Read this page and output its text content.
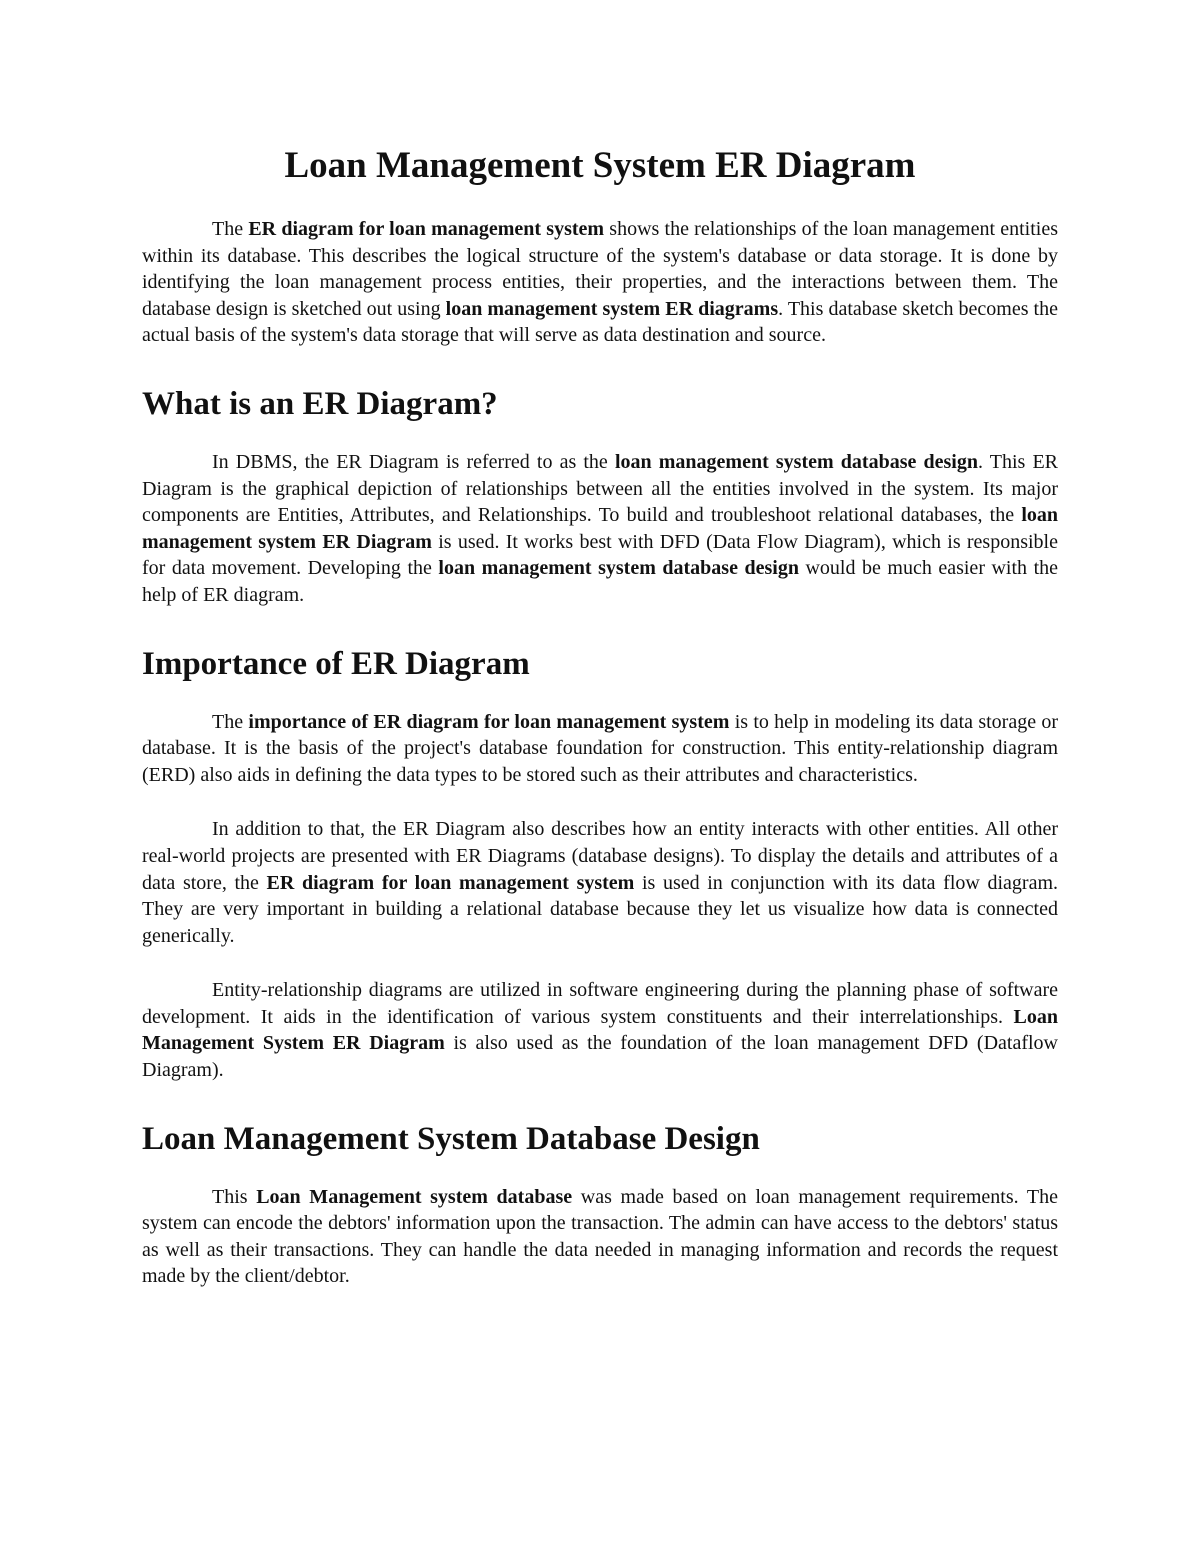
Loan Management System ER Diagram

The ER diagram for loan management system shows the relationships of the loan management entities within its database. This describes the logical structure of the system's database or data storage. It is done by identifying the loan management process entities, their properties, and the interactions between them. The database design is sketched out using loan management system ER diagrams. This database sketch becomes the actual basis of the system's data storage that will serve as data destination and source.

What is an ER Diagram?

In DBMS, the ER Diagram is referred to as the loan management system database design. This ER Diagram is the graphical depiction of relationships between all the entities involved in the system. Its major components are Entities, Attributes, and Relationships. To build and troubleshoot relational databases, the loan management system ER Diagram is used. It works best with DFD (Data Flow Diagram), which is responsible for data movement. Developing the loan management system database design would be much easier with the help of ER diagram.

Importance of ER Diagram

The importance of ER diagram for loan management system is to help in modeling its data storage or database. It is the basis of the project's database foundation for construction. This entity-relationship diagram (ERD) also aids in defining the data types to be stored such as their attributes and characteristics.

In addition to that, the ER Diagram also describes how an entity interacts with other entities. All other real-world projects are presented with ER Diagrams (database designs). To display the details and attributes of a data store, the ER diagram for loan management system is used in conjunction with its data flow diagram. They are very important in building a relational database because they let us visualize how data is connected generically.

Entity-relationship diagrams are utilized in software engineering during the planning phase of software development. It aids in the identification of various system constituents and their interrelationships. Loan Management System ER Diagram is also used as the foundation of the loan management DFD (Dataflow Diagram).

Loan Management System Database Design

This Loan Management system database was made based on loan management requirements. The system can encode the debtors' information upon the transaction. The admin can have access to the debtors' status as well as their transactions. They can handle the data needed in managing information and records the request made by the client/debtor.
